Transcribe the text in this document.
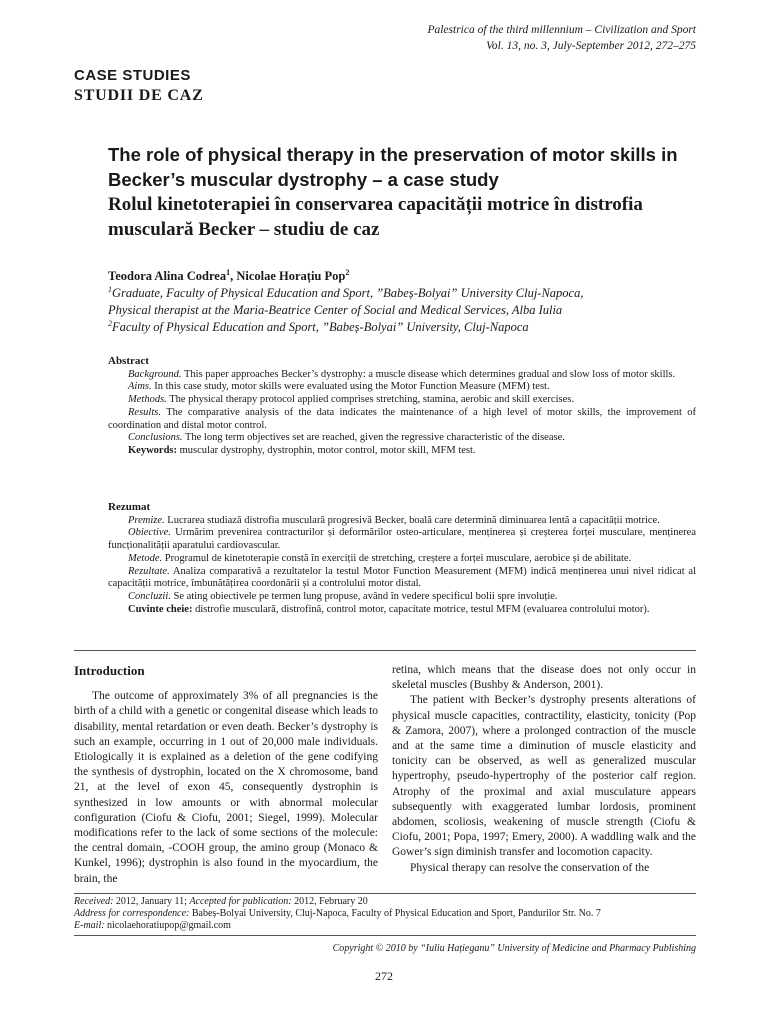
Palestrica of the third millennium – Civilization and Sport
Vol. 13, no. 3, July-September 2012, 272–275
CASE STUDIES
STUDII DE CAZ
The role of physical therapy in the preservation of motor skills in Becker’s muscular dystrophy – a case study
Rolul kinetoterapiei în conservarea capacității motrice în distrofia musculară Becker – studiu de caz
Teodora Alina Codrea$^1$, Nicolae Horațiu Pop$^2$
$^1$Graduate, Faculty of Physical Education and Sport, ”Babeș-Bolyai” University Cluj-Napoca,
Physical therapist at the Maria-Beatrice Center of Social and Medical Services, Alba Iulia
$^2$Faculty of Physical Education and Sport, ”Babeș-Bolyai” University, Cluj-Napoca
Abstract

Background. This paper approaches Becker’s dystrophy: a muscle disease which determines gradual and slow loss of motor skills.

Aims. In this case study, motor skills were evaluated using the Motor Function Measure (MFM) test.

Methods. The physical therapy protocol applied comprises stretching, stamina, aerobic and skill exercises.

Results. The comparative analysis of the data indicates the maintenance of a high level of motor skills, the improvement of coordination and distal motor control.

Conclusions. The long term objectives set are reached, given the regressive characteristic of the disease.

Keywords: muscular dystrophy, dystrophin, motor control, motor skill, MFM test.

Rezumat

Premize. Lucrarea studiază distrofia musculară progresivă Becker, boală care determină diminuarea lentă a capacității motrice.

Obiective. Urmărim prevenirea contracturilor și deformărilor osteo-articulare, menținerea și creșterea forței musculare, menținerea funcționalității aparatului cardiovascular.

Metode. Programul de kinetoterapie constă în exerciții de stretching, creștere a forței musculare, aerobice și de abilitate.

Rezultate. Analiza comparativă a rezultatelor la testul Motor Function Measurement (MFM) indică menținerea unui nivel ridicat al capacității motrice, îmbunătățirea coordonării și a controlului motor distal.

Concluzii. Se ating obiectivele pe termen lung propuse, având în vedere specificul bolii spre involuție.

Cuvinte cheie: distrofie musculară, distrofină, control motor, capacitate motrice, testul MFM (evaluarea controlului motor).

Introduction

The outcome of approximately 3% of all pregnancies is the birth of a child with a genetic or congenital disease which leads to disability, mental retardation or even death. Becker’s dystrophy is such an example, occurring in 1 out of 20,000 male individuals. Etiologically it is explained as a deletion of the gene codifying the synthesis of dystrophin, located on the X chromosome, band 21, at the level of exon 45, consequently dystrophin is synthesized in low amounts or with abnormal molecular configuration (Ciofu & Ciofu, 2001; Siegel, 1999). Molecular modifications refer to the lack of some sections of the molecule: the central domain, -COOH group, the amino group (Monaco & Kunkel, 1996); dystrophin is also found in the myocardium, the brain, the

retina, which means that the disease does not only occur in skeletal muscles (Bushby & Anderson, 2001).

The patient with Becker’s dystrophy presents alterations of physical muscle capacities, contractility, elasticity, tonicity (Pop & Zamora, 2007), where a prolonged contraction of the muscle and at the same time a diminution of muscle elasticity and tonicity can be observed, as well as generalized muscular hypertrophy, pseudo-hypertrophy of the posterior calf region. Atrophy of the proximal and axial musculature appears subsequently with exaggerated lumbar lordosis, prominent abdomen, scoliosis, weakening of muscle strength (Ciofu & Ciofu, 2001; Popa, 1997; Emery, 2000). A waddling walk and the Gower’s sign diminish transfer and locomotion capacity.

Physical therapy can resolve the conservation of the

Received: 2012, January 11; Accepted for publication: 2012, February 20
Address for correspondence: Babeș-Bolyai University, Cluj-Napoca, Faculty of Physical Education and Sport, Pandurilor Str. No. 7
E-mail: nicolaehoratiupop@gmail.com
Copyright © 2010 by “Iuliu Hațieganu” University of Medicine and Pharmacy Publishing
272
